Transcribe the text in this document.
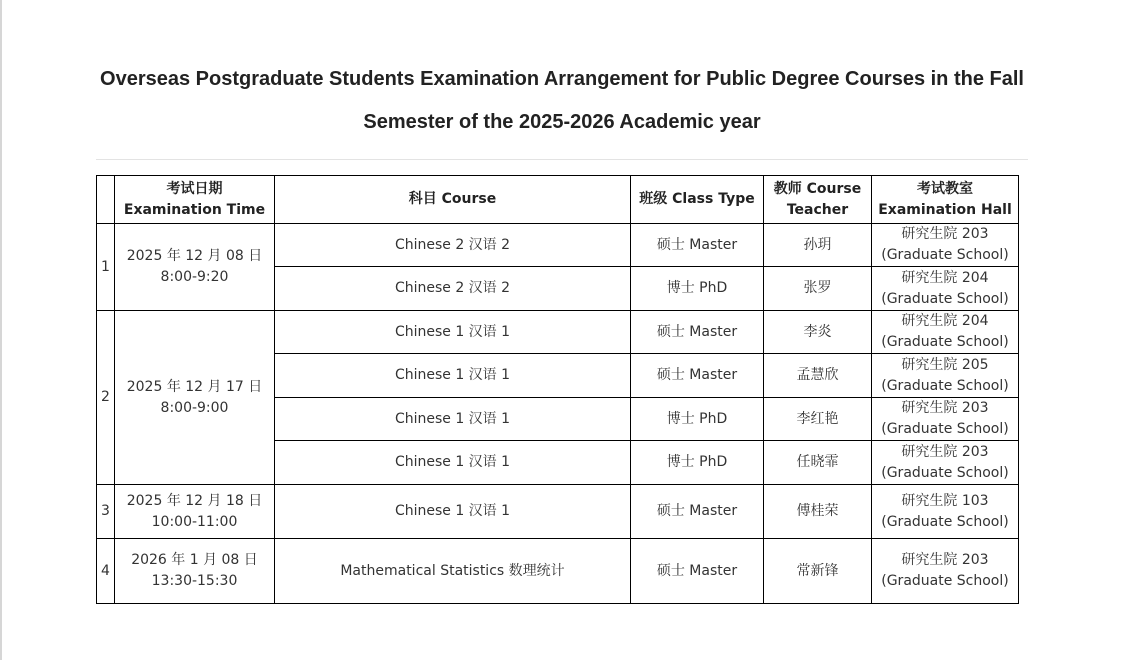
Overseas Postgraduate Students Examination Arrangement for Public Degree Courses in the Fall
Semester of the 2025-2026 Academic year
	考试日期 Examination Time	科目 Course	班级 Class Type	教师 Course Teacher	考试教室
Examination Hall

1	2025 年 12 月 08 日
8:00-9:20	Chinese 2 汉语 2	硕士 Master	孙玥	研究生院 203
(Graduate School)

		Chinese 2 汉语 2	博士 PhD	张罗	研究生院 204
(Graduate School)

2	2025 年 12 月 17 日
8:00-9:00	Chinese 1 汉语 1	硕士 Master	李炎	研究生院 204
(Graduate School)

		Chinese 1 汉语 1	硕士 Master	孟慧欣	研究生院 205
(Graduate School)

		Chinese 1 汉语 1	博士 PhD	李红艳	研究生院 203
(Graduate School)

		Chinese 1 汉语 1	博士 PhD	任晓霏	研究生院 203
(Graduate School)

3	2025 年 12 月 18 日
10:00-11:00	Chinese 1 汉语 1	硕士 Master	傅桂荣	研究生院 103
(Graduate School)

4	2026 年 1 月 08 日
13:30-15:30	Mathematical Statistics 数理统计	硕士 Master	常新锋	研究生院 203
(Graduate School)
